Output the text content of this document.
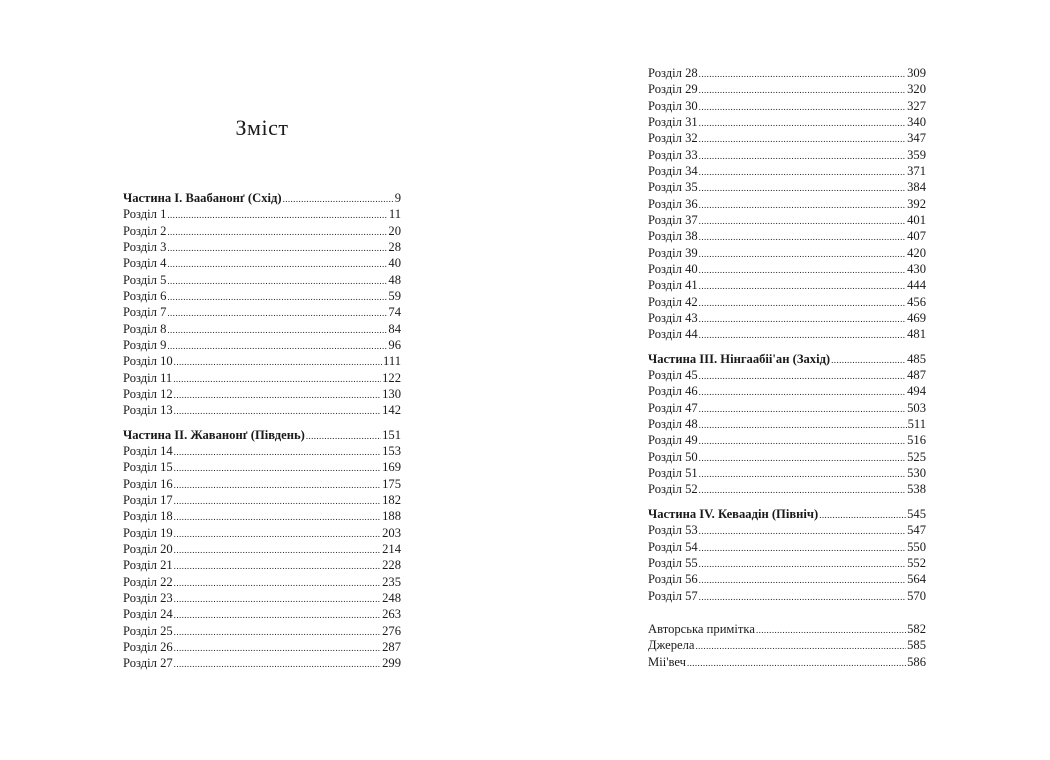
Зміст
Частина I. Ваабанонґ (Схід) .....	9
Розділ 1 .....	11
Розділ 2 .....	20
Розділ 3 .....	28
Розділ 4 .....	40
Розділ 5 .....	48
Розділ 6 .....	59
Розділ 7 .....	74
Розділ 8 .....	84
Розділ 9 .....	96
Розділ 10 .....	111
Розділ 11 .....	122
Розділ 12 .....	130
Розділ 13 .....	142
Частина II. Жаванонґ (Південь) .....	151
Розділ 14 .....	153
Розділ 15 .....	169
Розділ 16 .....	175
Розділ 17 .....	182
Розділ 18 .....	188
Розділ 19 .....	203
Розділ 20 .....	214
Розділ 21 .....	228
Розділ 22 .....	235
Розділ 23 .....	248
Розділ 24 .....	263
Розділ 25 .....	276
Розділ 26 .....	287
Розділ 27 .....	299
Розділ 28 .....	309
Розділ 29 .....	320
Розділ 30 .....	327
Розділ 31 .....	340
Розділ 32 .....	347
Розділ 33 .....	359
Розділ 34 .....	371
Розділ 35 .....	384
Розділ 36 .....	392
Розділ 37 .....	401
Розділ 38 .....	407
Розділ 39 .....	420
Розділ 40 .....	430
Розділ 41 .....	444
Розділ 42 .....	456
Розділ 43 .....	469
Розділ 44 .....	481
Частина III. Нінгаабіі'ан (Захід) .....	485
Розділ 45 .....	487
Розділ 46 .....	494
Розділ 47 .....	503
Розділ 48 .....	511
Розділ 49 .....	516
Розділ 50 .....	525
Розділ 51 .....	530
Розділ 52 .....	538
Частина IV. Кеваадін (Північ) .....	545
Розділ 53 .....	547
Розділ 54 .....	550
Розділ 55 .....	552
Розділ 56 .....	564
Розділ 57 .....	570
Авторська примітка .....	582
Джерела .....	585
Міі'веч .....	586
